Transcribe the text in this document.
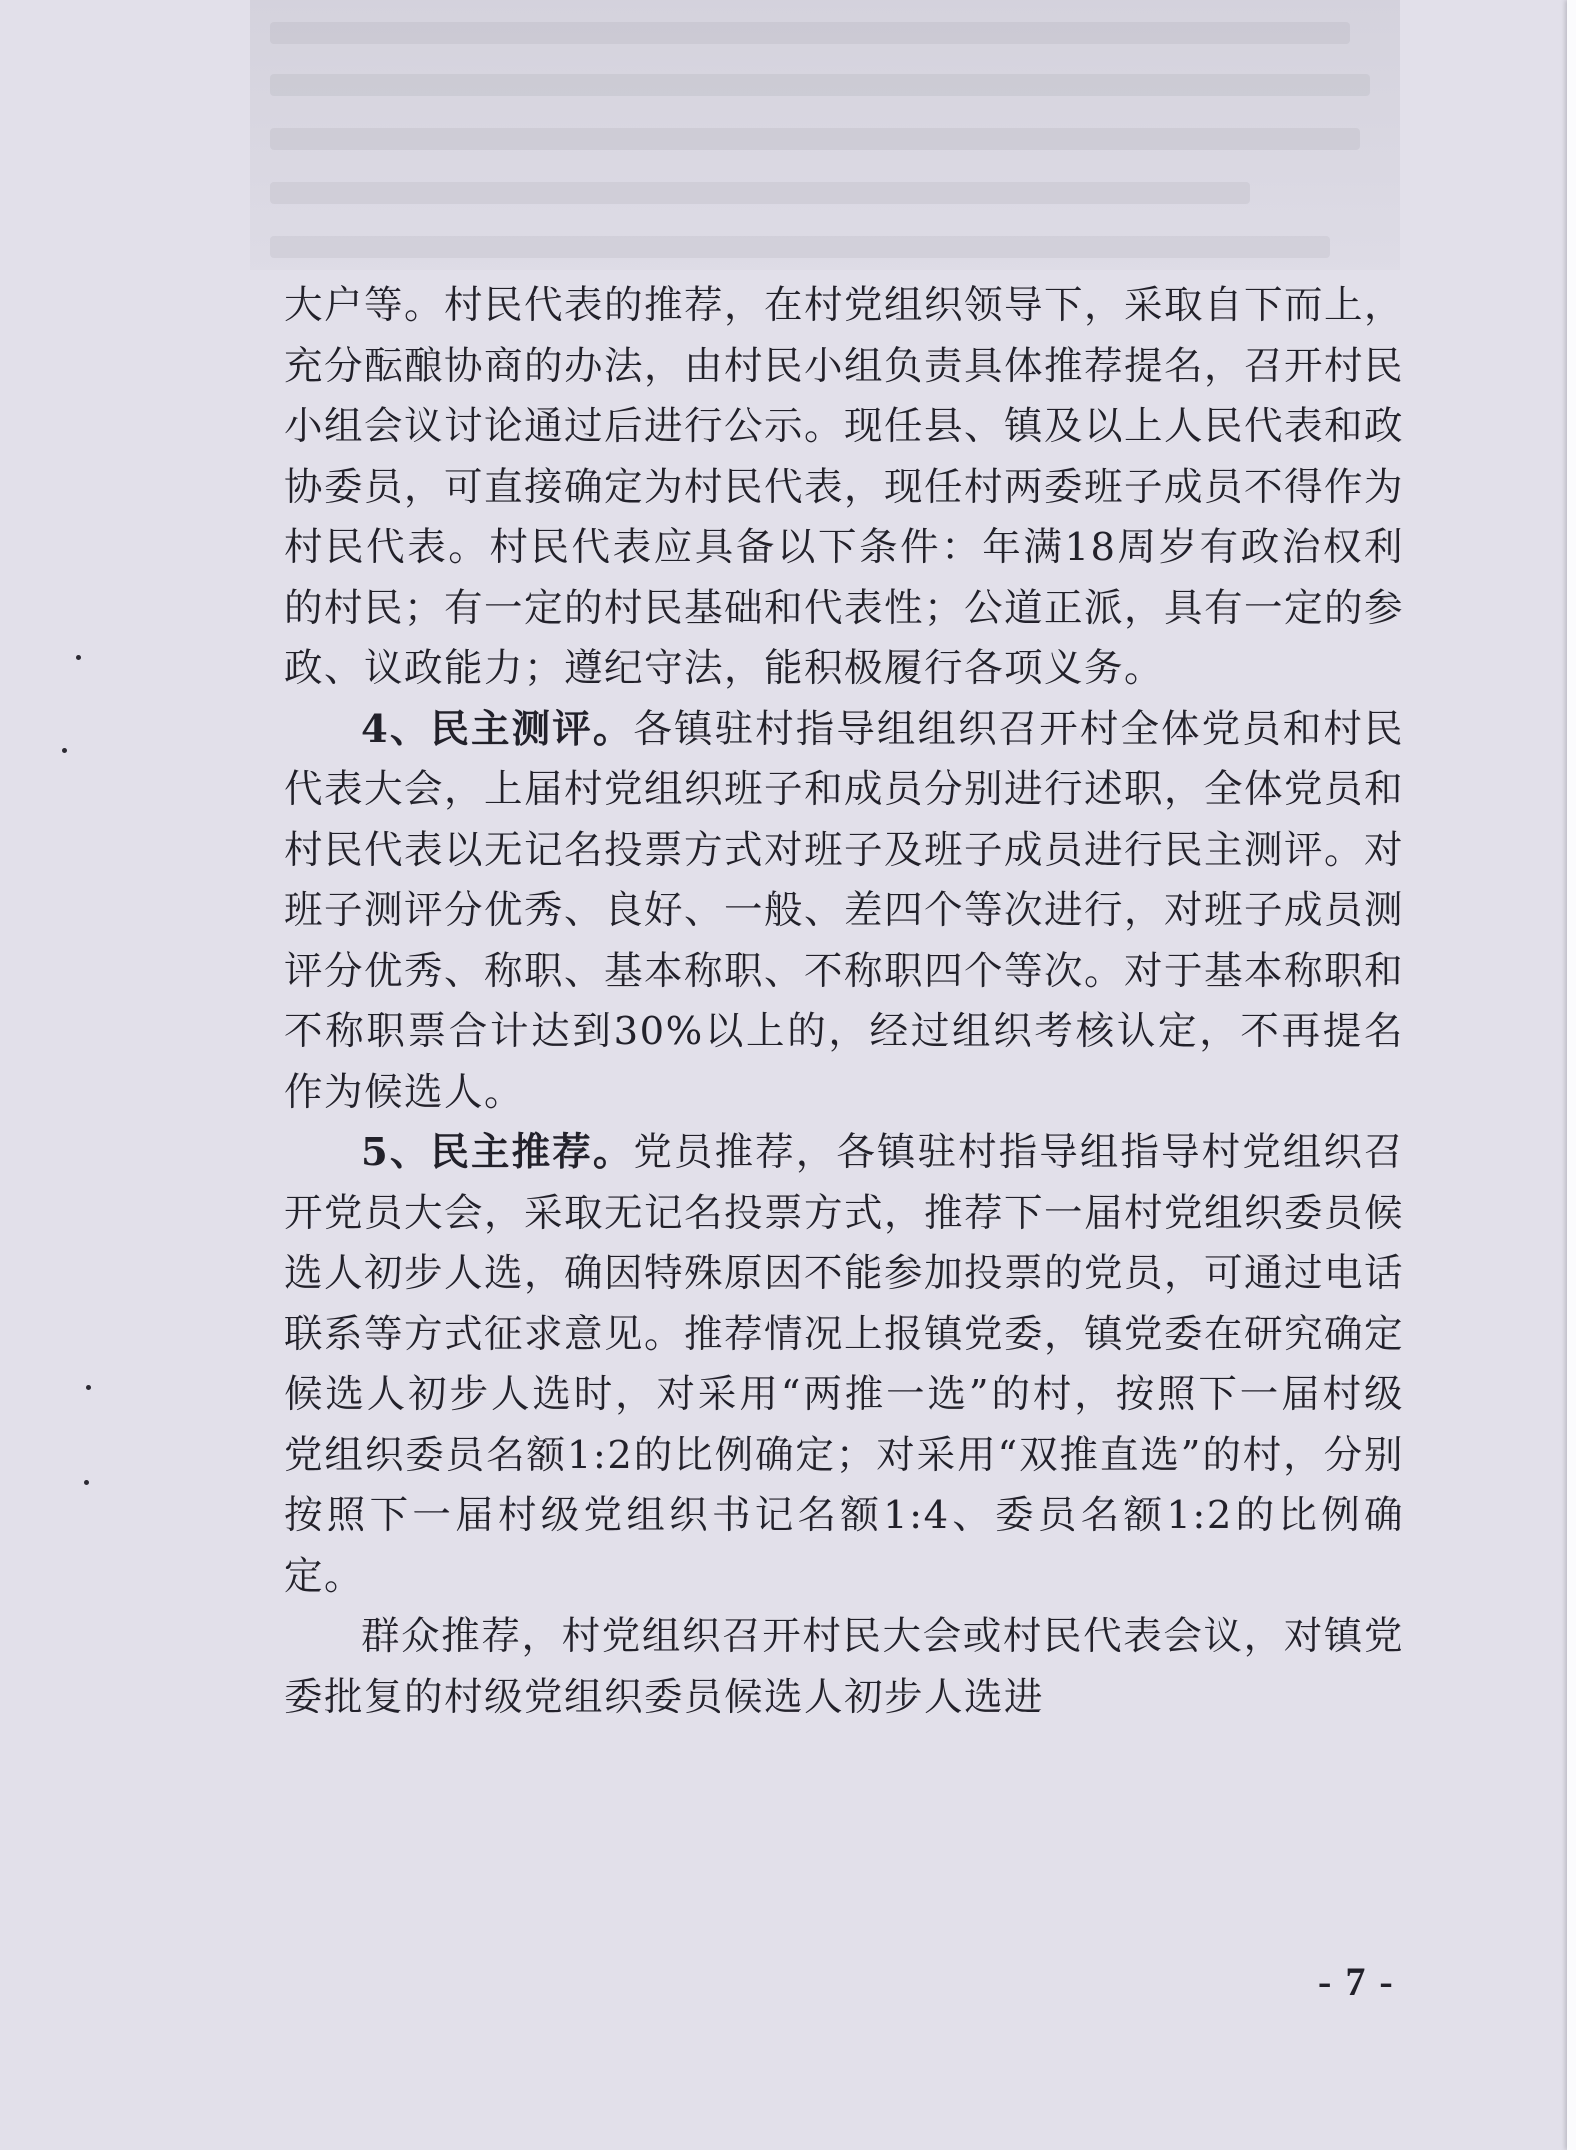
大户等。村民代表的推荐，在村党组织领导下，采取自下而上，充分酝酿协商的办法，由村民小组负责具体推荐提名，召开村民小组会议讨论通过后进行公示。现任县、镇及以上人民代表和政协委员，可直接确定为村民代表，现任村两委班子成员不得作为村民代表。村民代表应具备以下条件：年满18周岁有政治权利的村民；有一定的村民基础和代表性；公道正派，具有一定的参政、议政能力；遵纪守法，能积极履行各项义务。

4、民主测评。各镇驻村指导组组织召开村全体党员和村民代表大会，上届村党组织班子和成员分别进行述职，全体党员和村民代表以无记名投票方式对班子及班子成员进行民主测评。对班子测评分优秀、良好、一般、差四个等次进行，对班子成员测评分优秀、称职、基本称职、不称职四个等次。对于基本称职和不称职票合计达到30%以上的，经过组织考核认定，不再提名作为候选人。

5、民主推荐。党员推荐，各镇驻村指导组指导村党组织召开党员大会，采取无记名投票方式，推荐下一届村党组织委员候选人初步人选，确因特殊原因不能参加投票的党员，可通过电话联系等方式征求意见。推荐情况上报镇党委，镇党委在研究确定候选人初步人选时，对采用“两推一选”的村，按照下一届村级党组织委员名额1:2的比例确定；对采用“双推直选”的村，分别按照下一届村级党组织书记名额1:4、委员名额1:2的比例确定。

群众推荐，村党组织召开村民大会或村民代表会议，对镇党委批复的村级党组织委员候选人初步人选进

- 7 -
